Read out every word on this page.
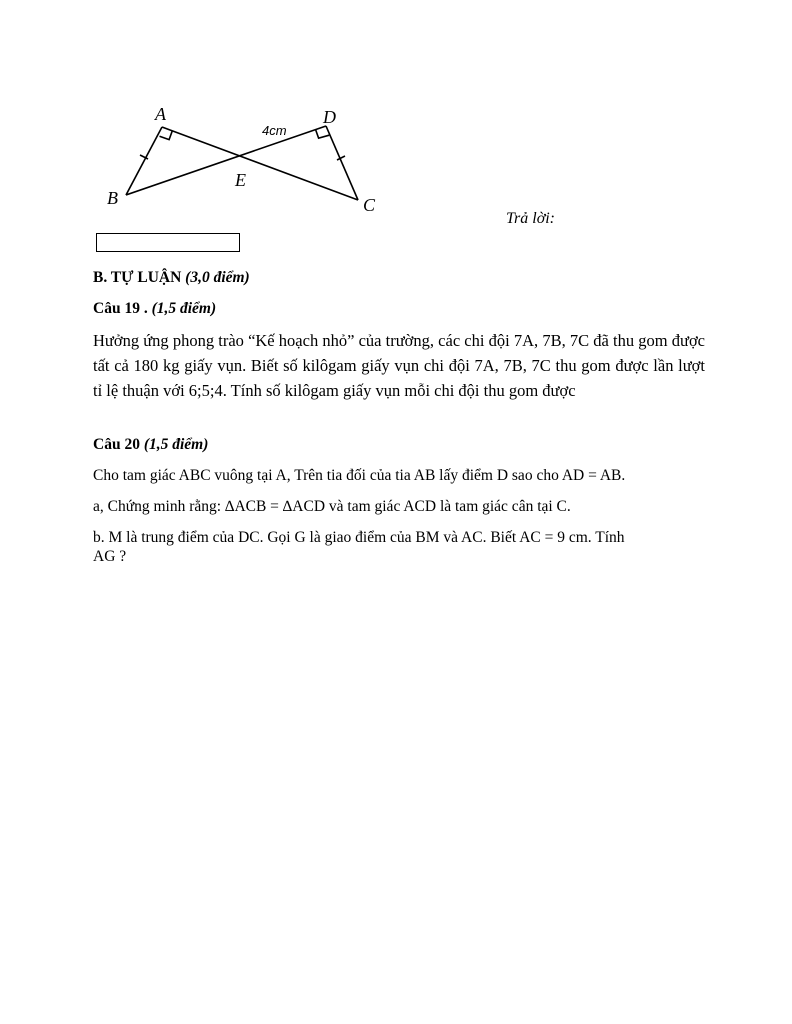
A	D
B	C
E
4cm
Trả lời:
B. TỰ LUẬN (3,0 điểm)
Câu 19 . (1,5 điểm)
Hưởng ứng phong trào “Kế hoạch nhỏ” của trường, các chi đội 7A, 7B, 7C đã thu gom được tất cả 180 kg giấy vụn. Biết số kilôgam giấy vụn chi đội 7A, 7B, 7C thu gom được lần lượt tỉ lệ thuận với 6;5;4. Tính số kilôgam giấy vụn mỗi chi đội thu gom được
Câu 20 (1,5 điểm)
Cho tam giác ABC vuông tại A, Trên tia đối của tia AB lấy điểm D sao cho AD = AB.
a, Chứng minh rằng: ∆ACB = ∆ACD và tam giác ACD là tam giác cân tại C.
b. M là trung điểm của DC. Gọi G là giao điểm của BM và AC. Biết AC = 9 cm. Tính
AG ?
